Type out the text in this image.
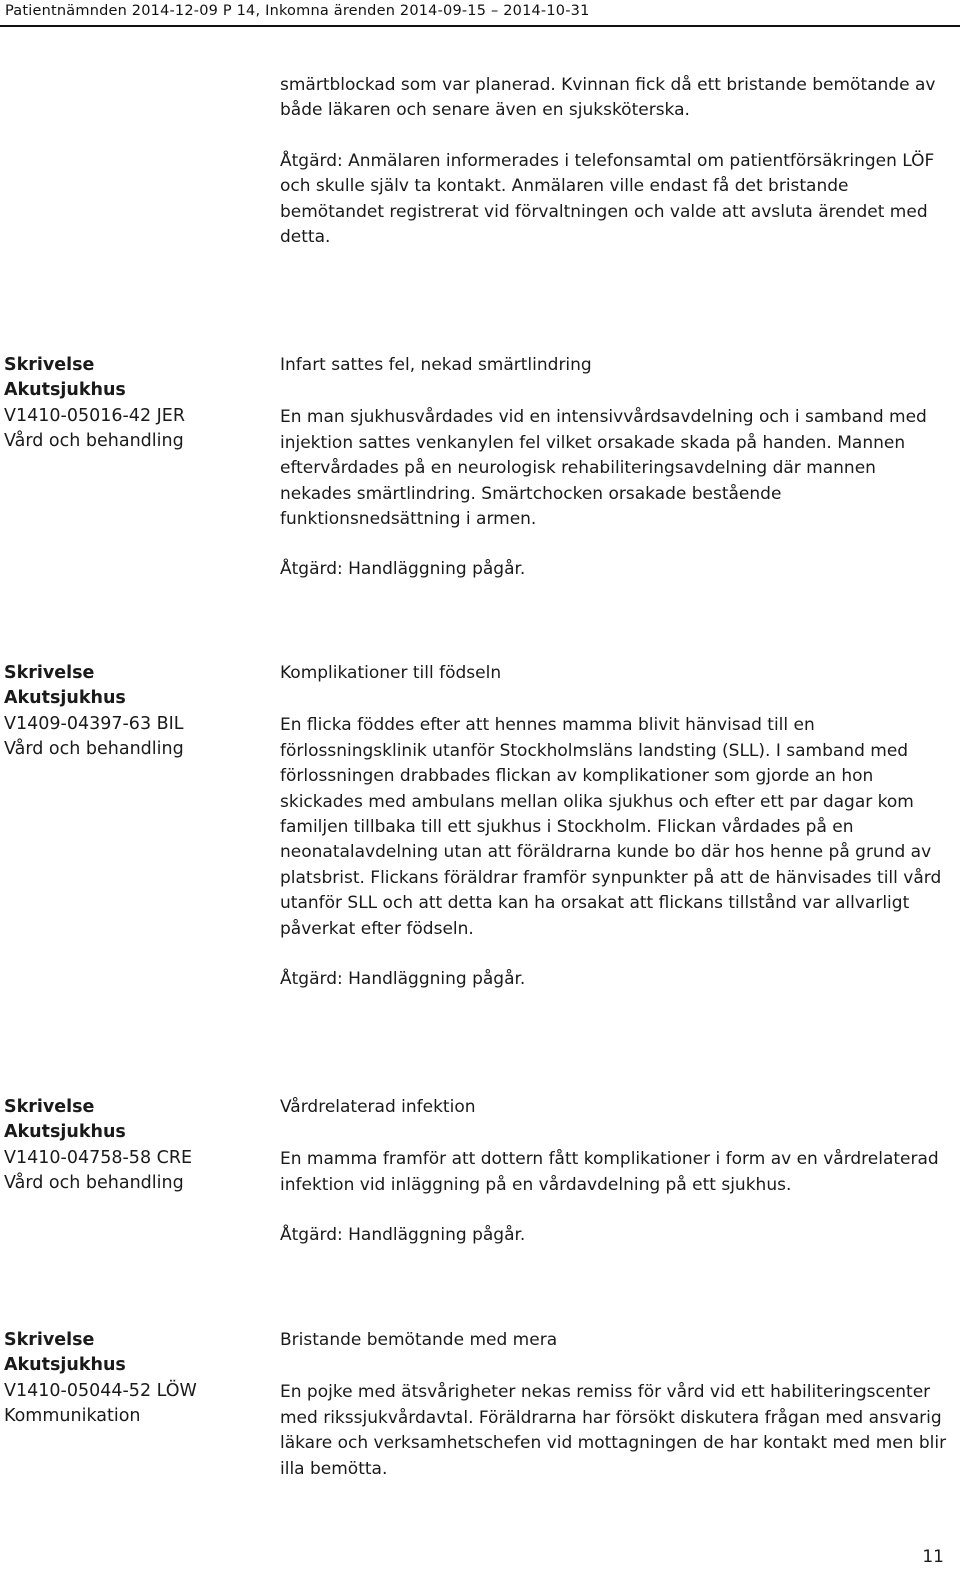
Patientnämnden 2014-12-09 P 14, Inkomna ärenden 2014-09-15 – 2014-10-31

smärtblockad som var planerad. Kvinnan fick då ett bristande bemötande av både läkaren och senare även en sjuksköterska.

Åtgärd: Anmälaren informerades i telefonsamtal om patientförsäkringen LÖF och skulle själv ta kontakt. Anmälaren ville endast få det bristande bemötandet registrerat vid förvaltningen och valde att avsluta ärendet med detta.

Skrivelse
Akutsjukhus
V1410-05016-42 JER
Vård och behandling

Infart sattes fel, nekad smärtlindring

En man sjukhusvårdades vid en intensivvårdsavdelning och i samband med injektion sattes venkanylen fel vilket orsakade skada på handen. Mannen eftervårdades på en neurologisk rehabiliteringsavdelning där mannen nekades smärtlindring. Smärtchocken orsakade bestående funktionsnedsättning i armen.

Åtgärd: Handläggning pågår.

Skrivelse
Akutsjukhus
V1409-04397-63 BIL
Vård och behandling

Komplikationer till födseln

En flicka föddes efter att hennes mamma blivit hänvisad till en förlossningsklinik utanför Stockholmsläns landsting (SLL). I samband med förlossningen drabbades flickan av komplikationer som gjorde an hon skickades med ambulans mellan olika sjukhus och efter ett par dagar kom familjen tillbaka till ett sjukhus i Stockholm. Flickan vårdades på en neonatalavdelning utan att föräldrarna kunde bo där hos henne på grund av platsbrist. Flickans föräldrar framför synpunkter på att de hänvisades till vård utanför SLL och att detta kan ha orsakat att flickans tillstånd var allvarligt påverkat efter födseln.

Åtgärd: Handläggning pågår.

Skrivelse
Akutsjukhus
V1410-04758-58 CRE
Vård och behandling

Vårdrelaterad infektion

En mamma framför att dottern fått komplikationer i form av en vårdrelaterad infektion vid inläggning på en vårdavdelning på ett sjukhus.

Åtgärd: Handläggning pågår.

Skrivelse
Akutsjukhus
V1410-05044-52 LÖW
Kommunikation

Bristande bemötande med mera

En pojke med ätsvårigheter nekas remiss för vård vid ett habiliteringscenter med rikssjukvårdavtal. Föräldrarna har försökt diskutera frågan med ansvarig läkare och verksamhetschefen vid mottagningen de har kontakt med men blir illa bemötta.

11
